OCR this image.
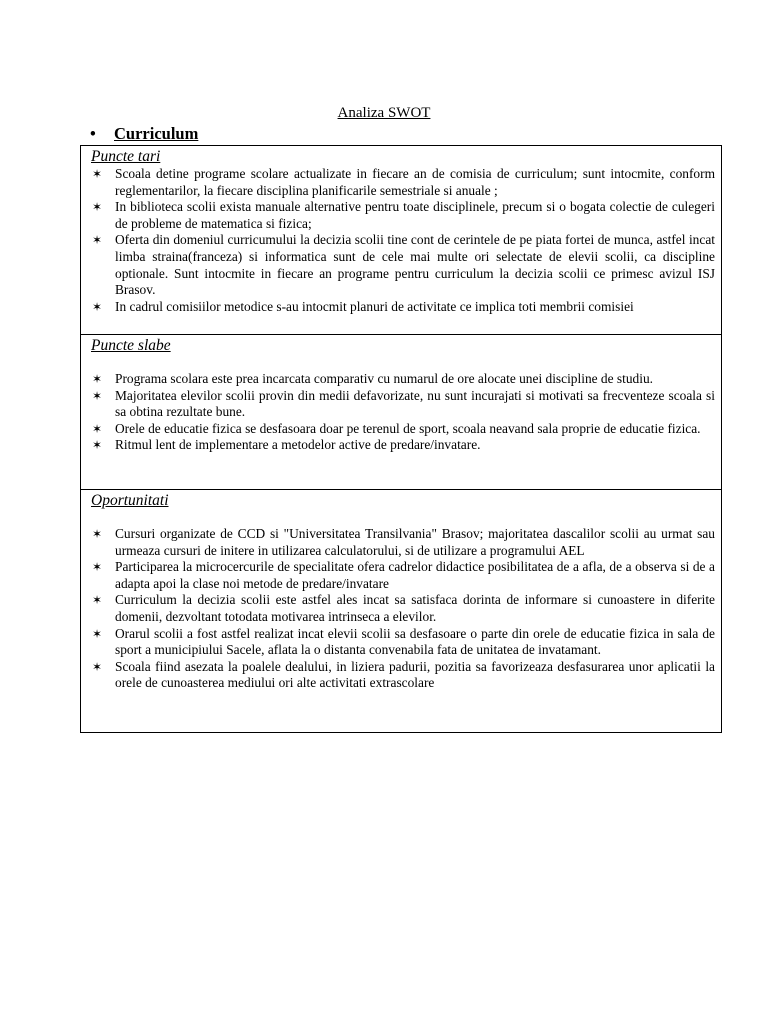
Analiza SWOT
• Curriculum
Puncte tari
✶ Scoala detine programe scolare actualizate in fiecare an de comisia de curriculum; sunt intocmite, conform reglementarilor, la fiecare disciplina planificarile semestriale si anuale ;
✶ In biblioteca scolii exista manuale alternative pentru toate disciplinele, precum si o bogata colectie de culegeri de probleme de matematica si fizica;
✶ Oferta din domeniul curricumului la decizia scolii tine cont de cerintele de pe piata fortei de munca, astfel incat limba straina(franceza) si informatica sunt de cele mai multe ori selectate de elevii scolii, ca discipline optionale. Sunt intocmite in fiecare an programe pentru curriculum la decizia scolii ce primesc avizul ISJ Brasov.
✶ In cadrul comisiilor metodice s-au intocmit planuri de activitate ce implica toti membrii comisiei

Puncte slabe
✶ Programa scolara este prea incarcata comparativ cu numarul de ore alocate unei discipline de studiu.
✶ Majoritatea elevilor scolii provin din medii defavorizate, nu sunt incurajati si motivati sa frecventeze scoala si sa obtina rezultate bune.
✶ Orele de educatie fizica se desfasoara doar pe terenul de sport, scoala neavand sala proprie de educatie fizica.
✶ Ritmul lent de implementare a metodelor active de predare/invatare.

Oportunitati
✶ Cursuri organizate de CCD si "Universitatea Transilvania" Brasov; majoritatea dascalilor scolii au urmat sau urmeaza cursuri de initere in utilizarea calculatorului, si de utilizare a programului AEL
✶ Participarea la microcercurile de specialitate ofera cadrelor didactice posibilitatea de a afla, de a observa si de a adapta apoi la clase noi metode de predare/invatare
✶ Curriculum la decizia scolii este astfel ales incat sa satisfaca dorinta de informare si cunoastere in diferite domenii, dezvoltant totodata motivarea intrinseca a elevilor.
✶ Orarul scolii a fost astfel realizat incat elevii scolii sa desfasoare o parte din orele de educatie fizica in sala de sport a municipiului Sacele, aflata la o distanta convenabila fata de unitatea de invatamant.
✶ Scoala fiind asezata la poalele dealului, in liziera padurii, pozitia sa favorizeaza desfasurarea unor aplicatii la orele de cunoasterea mediului ori alte activitati extrascolare
